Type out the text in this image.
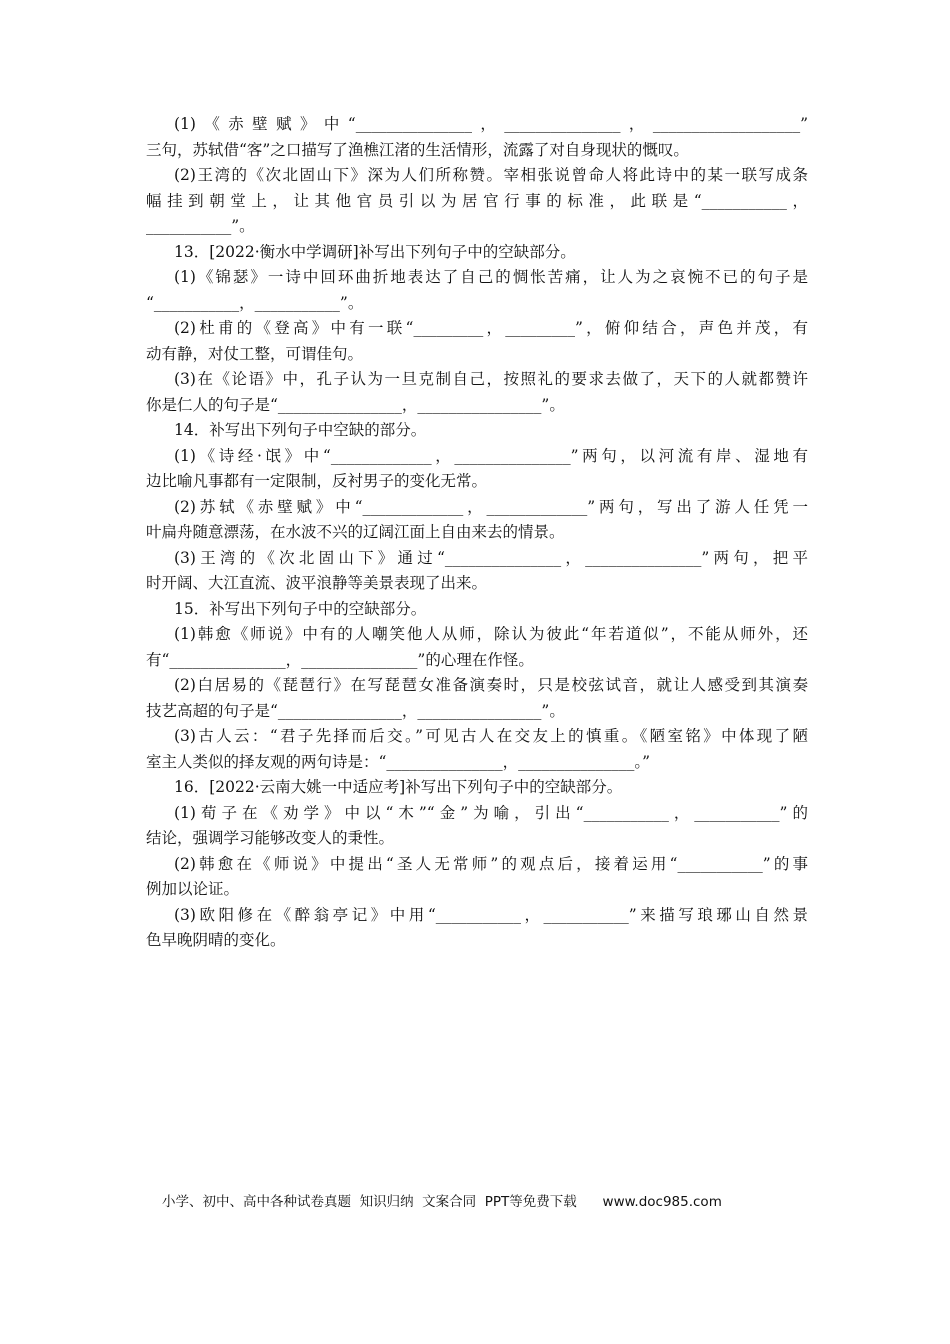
(1)《赤壁赋》中“_______________，_______________，___________________”
三句，苏轼借“客”之口描写了渔樵江渚的生活情形，流露了对自身现状的慨叹。
(2)王湾的《次北固山下》深为人们所称赞。宰相张说曾命人将此诗中的某一联写成条
幅挂到朝堂上，让其他官员引以为居官行事的标准，此联是“___________，
___________”。
13．[2022·衡水中学调研]补写出下列句子中的空缺部分。
(1)《锦瑟》一诗中回环曲折地表达了自己的惆怅苦痛，让人为之哀惋不已的句子是
“___________，___________”。
(2)杜甫的《登高》中有一联“_________，_________”，俯仰结合，声色并茂，有
动有静，对仗工整，可谓佳句。
(3)在《论语》中，孔子认为一旦克制自己，按照礼的要求去做了，天下的人就都赞许
你是仁人的句子是“________________，________________”。
14．补写出下列句子中空缺的部分。
(1)《诗经·氓》中“_____________，_______________”两句，以河流有岸、湿地有
边比喻凡事都有一定限制，反衬男子的变化无常。
(2)苏轼《赤壁赋》中“_____________，_____________”两句，写出了游人任凭一
叶扁舟随意漂荡，在水波不兴的辽阔江面上自由来去的情景。
(3)王湾的《次北固山下》通过“_______________，_______________”两句，把平
时开阔、大江直流、波平浪静等美景表现了出来。
15．补写出下列句子中的空缺部分。
(1)韩愈《师说》中有的人嘲笑他人从师，除认为彼此“年若道似”，不能从师外，还
有“_______________，_______________”的心理在作怪。
(2)白居易的《琵琶行》在写琵琶女准备演奏时，只是校弦试音，就让人感受到其演奏
技艺高超的句子是“________________，________________”。
(3)古人云：“君子先择而后交。”可见古人在交友上的慎重。《陋室铭》中体现了陋
室主人类似的择友观的两句诗是：“_______________，_______________。”
16．[2022·云南大姚一中适应考]补写出下列句子中的空缺部分。
(1)荀子在《劝学》中以“木”“金”为喻，引出“___________，___________”的
结论，强调学习能够改变人的秉性。
(2)韩愈在《师说》中提出“圣人无常师”的观点后，接着运用“___________”的事
例加以论证。
(3)欧阳修在《醉翁亭记》中用“___________，___________”来描写琅琊山自然景
色早晚阴晴的变化。
小学、初中、高中各种试卷真题  知识归纳  文案合同  PPT等免费下载      www.doc985.com
